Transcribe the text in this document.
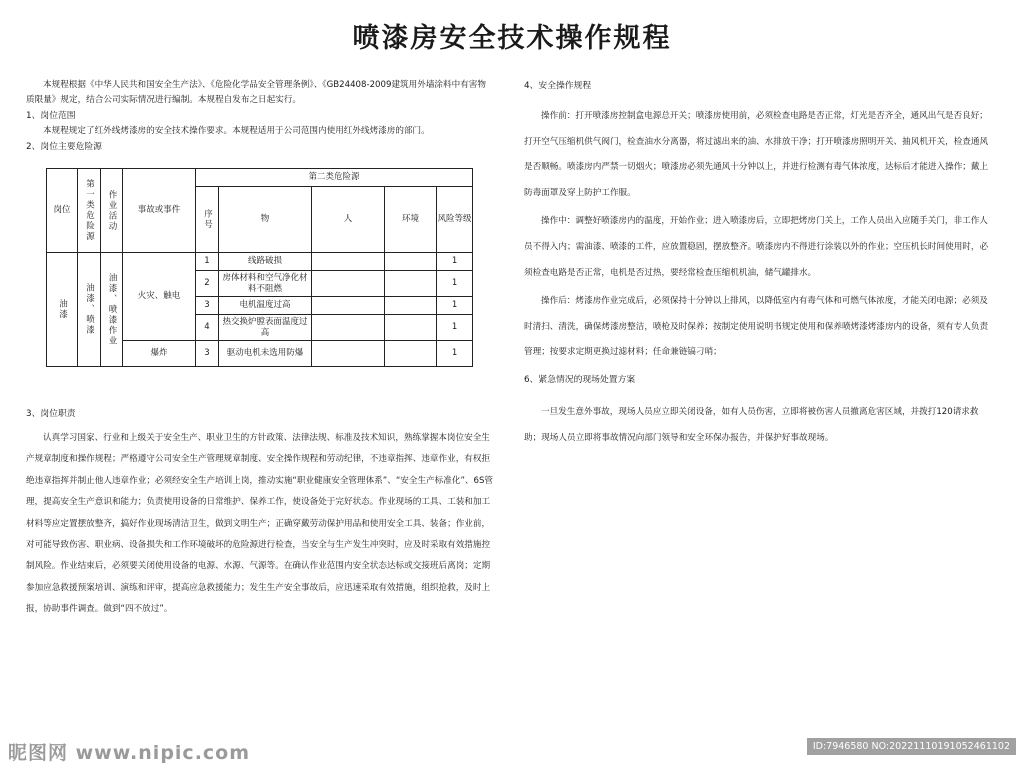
喷漆房安全技术操作规程

本规程根据《中华人民共和国安全生产法》、《危险化学品安全管理条例》、《GB24408-2009建筑用外墙涂料中有害物质限量》规定，结合公司实际情况进行编制。本规程自发布之日起实行。

1、岗位范围

本规程规定了红外线烤漆房的安全技术操作要求。本规程适用于公司范围内使用红外线烤漆房的部门。

2、岗位主要危险源

岗位	第一类危险源	作业活动	事故或事件	第二类危险源				

				序号	物	人	环境	风险等级

油漆	油漆、喷漆	油漆、喷漆作业	火灾、触电	1	线路破损			1
				2	房体材料和空气净化材料不阻燃			1
				3	电机温度过高			1
				4	热交换炉膛表面温度过高			1
			爆炸	3	驱动电机未选用防爆			1

3、岗位职责

认真学习国家、行业和上级关于安全生产、职业卫生的方针政策、法律法规、标准及技术知识，熟练掌握本岗位安全生产规章制度和操作规程；严格遵守公司安全生产管理规章制度、安全操作规程和劳动纪律，不违章指挥、违章作业，有权拒绝违章指挥并制止他人违章作业；必须经安全生产培训上岗，推动实施“职业健康安全管理体系”、“安全生产标准化”、6S管理，提高安全生产意识和能力；负责使用设备的日常维护、保养工作，使设备处于完好状态。作业现场的工具、工装和加工材料等应定置摆放整齐，搞好作业现场清洁卫生，做到文明生产；正确穿戴劳动保护用品和使用安全工具、装备；作业前，对可能导致伤害、职业病、设备损失和工作环境破坏的危险源进行检查，当安全与生产发生冲突时，应及时采取有效措施控制风险。作业结束后，必须要关闭使用设备的电源、水源、气源等。在确认作业范围内安全状态达标或交接班后离岗；定期参加应急救援预案培训、演练和评审，提高应急救援能力；发生生产安全事故后，应迅速采取有效措施，组织抢救，及时上报，协助事件调查。做到“四不放过”。

4、安全操作规程

操作前：打开喷漆房控制盒电源总开关；喷漆房使用前，必须检查电路是否正常，灯光是否齐全，通风出气是否良好；打开空气压缩机供气阀门，检查油水分离器，将过滤出来的油、水排放干净；打开喷漆房照明开关、抽风机开关，检查通风是否顺畅。喷漆房内严禁一切烟火；喷漆房必须先通风十分钟以上，并进行检测有毒气体浓度，达标后才能进入操作；戴上防毒面罩及穿上防护工作服。

操作中：调整好喷漆房内的温度，开始作业；进入喷漆房后，立即把烤房门关上，工作人员出入应随手关门，非工作人员不得入内；需油漆、喷漆的工件，应放置稳固，摆放整齐。喷漆房内不得进行涂装以外的作业；空压机长时间使用时，必须检查电路是否正常，电机是否过热，要经常检查压缩机机油，储气罐排水。

操作后：烤漆房作业完成后，必须保持十分钟以上排风，以降低室内有毒气体和可燃气体浓度，才能关闭电源；必须及时清扫、清洗，确保烤漆房整洁，喷枪及时保养；按制定使用说明书规定使用和保养喷烤漆烤漆房内的设备，须有专人负责管理；按要求定期更换过滤材料；任命兼链镐刁哨；

6、紧急情况的现场处置方案

一旦发生意外事故，现场人员应立即关闭设备，如有人员伤害，立即将被伤害人员撤离危害区域，并拨打120请求救助；现场人员立即将事故情况向部门领导和安全环保办报告，并保护好事故现场。

昵图网 www.nipic.com	ID:7946580 NO:20221110191052461102
